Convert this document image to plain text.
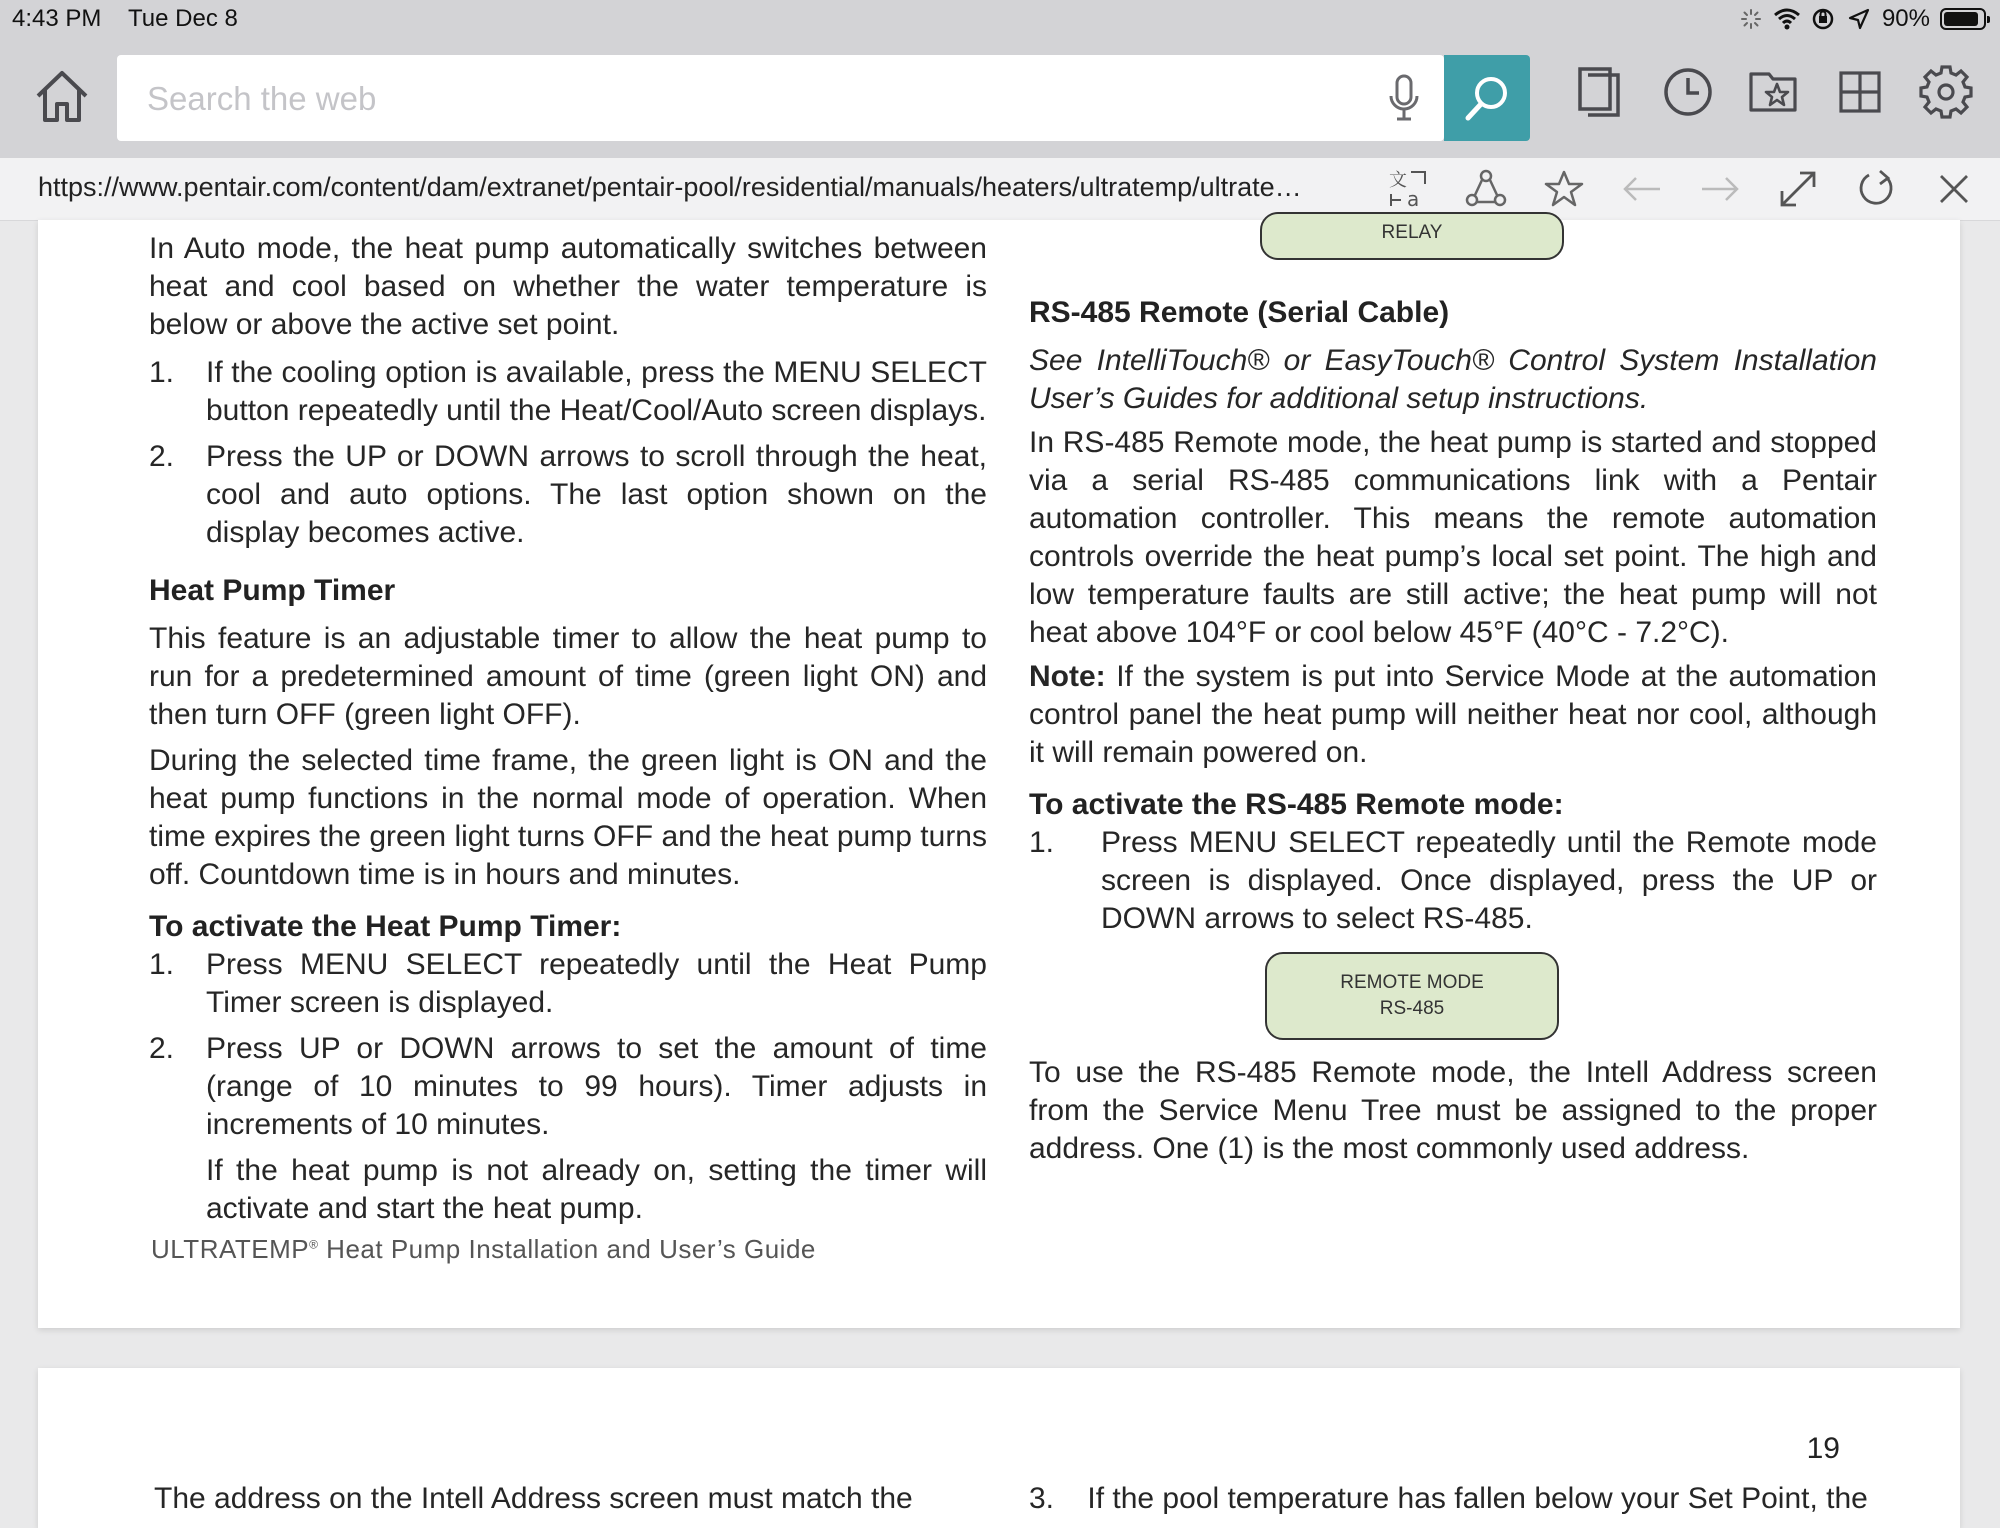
4:43 PM Tue Dec 8	90%
Search the web
https://www.pentair.com/content/dam/extranet/pentair-pool/residential/manuals/heaters/ultratemp/ultrate…	文
a
RELAY

In Auto mode, the heat pump automatically switches between heat and cool based on whether the water temperature is below or above the active set point.

1. If the cooling option is available, press the MENU SELECT button repeatedly until the Heat/Cool/Auto screen displays.
2. Press the UP or DOWN arrows to scroll through the heat, cool and auto options. The last option shown on the display becomes active.
Heat Pump Timer

This feature is an adjustable timer to allow the heat pump to run for a predetermined amount of time (green light ON) and then turn OFF (green light OFF).

During the selected time frame, the green light is ON and the heat pump functions in the normal mode of operation. When time expires the green light turns OFF and the heat pump turns off. Countdown time is in hours and minutes.

To activate the Heat Pump Timer:
1. Press MENU SELECT repeatedly until the Heat Pump Timer screen is displayed.
2. Press UP or DOWN arrows to set the amount of time (range of 10 minutes to 99 hours). Timer adjusts in increments of 10 minutes.
If the heat pump is not already on, setting the timer will activate and start the heat pump.
ULTRATEMP® Heat Pump Installation and User’s Guide
RS-485 Remote (Serial Cable)

See IntelliTouch® or EasyTouch® Control System Installation User’s Guides for additional setup instructions.

In RS-485 Remote mode, the heat pump is started and stopped via a serial RS-485 communications link with a Pentair automation controller. This means the remote automation controls override the heat pump’s local set point. The high and low temperature faults are still active; the heat pump will not heat above 104°F or cool below 45°F (40°C - 7.2°C).

Note: If the system is put into Service Mode at the automation control panel the heat pump will neither heat nor cool, although it will remain powered on.

To activate the RS-485 Remote mode:
1. Press MENU SELECT repeatedly until the Remote mode screen is displayed. Once displayed, press the UP or DOWN arrows to select RS-485.
REMOTE MODE
RS-485

To use the RS-485 Remote mode, the Intell Address screen from the Service Menu Tree must be assigned to the proper address. One (1) is the most commonly used address.

19
The address on the Intell Address screen must match the	3. If the pool temperature has fallen below your Set Point, the
